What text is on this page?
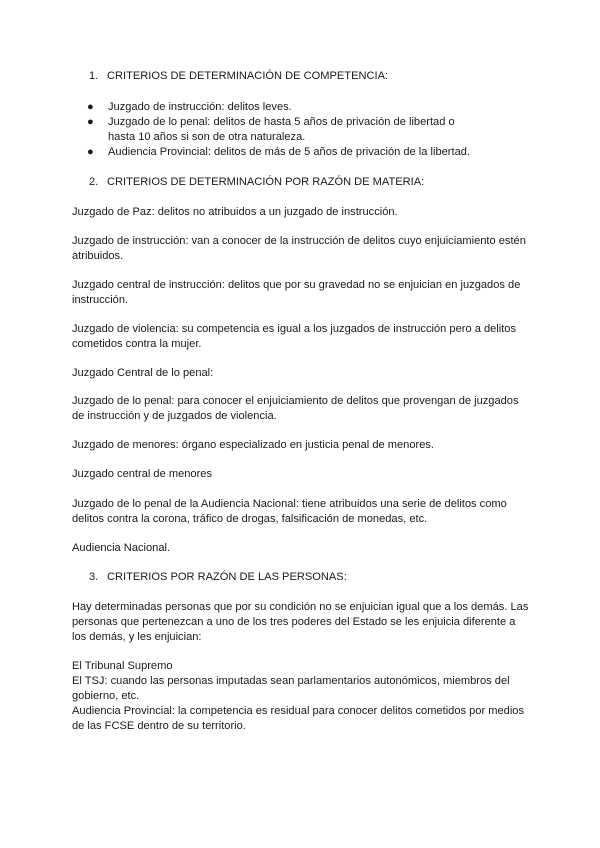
1. CRITERIOS DE DETERMINACIÓN DE COMPETENCIA:
● Juzgado de instrucción: delitos leves.
● Juzgado de lo penal: delitos de hasta 5 años de privación de libertad o hasta 10 años si son de otra naturaleza.
● Audiencia Provincial: delitos de más de 5 años de privación de la libertad.
2. CRITERIOS DE DETERMINACIÓN POR RAZÓN DE MATERIA:

Juzgado de Paz: delitos no atribuidos a un juzgado de instrucción.

Juzgado de instrucción: van a conocer de la instrucción de delitos cuyo enjuiciamiento estén atribuidos.

Juzgado central de instrucción: delitos que por su gravedad no se enjuician en juzgados de instrucción.

Juzgado de violencia: su competencia es igual a los juzgados de instrucción pero a delitos cometidos contra la mujer.

Juzgado Central de lo penal:

Juzgado de lo penal: para conocer el enjuiciamiento de delitos que provengan de juzgados de instrucción y de juzgados de violencia.

Juzgado de menores: órgano especializado en justicia penal de menores.

Juzgado central de menores

Juzgado de lo penal de la Audiencia Nacional: tiene atribuidos una serie de delitos como delitos contra la corona, tráfico de drogas, falsificación de monedas, etc.

Audiencia Nacional.

3. CRITERIOS POR RAZÓN DE LAS PERSONAS:

Hay determinadas personas que por su condición no se enjuician igual que a los demás. Las personas que pertenezcan a uno de los tres poderes del Estado se les enjuicia diferente a los demás, y les enjuician:

El Tribunal Supremo
El TSJ: cuando las personas imputadas sean parlamentarios autonómicos, miembros del gobierno, etc.
Audiencia Provincial: la competencia es residual para conocer delitos cometidos por medios de las FCSE dentro de su territorio.
